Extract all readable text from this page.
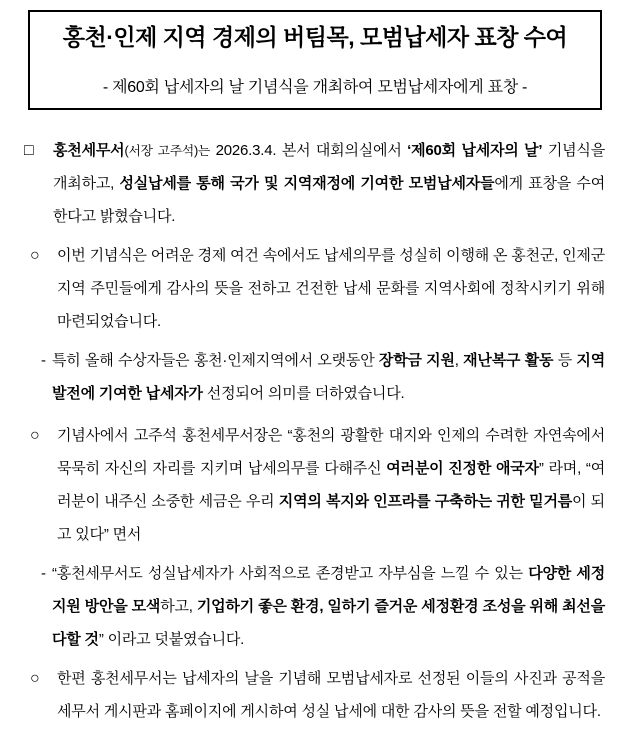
홍천·인제 지역 경제의 버팀목, 모범납세자 표창 수여
- 제60회 납세자의 날 기념식을 개최하여 모범납세자에게 표창 -
□ 홍천세무서(서장 고주석)는 2026.3.4. 본서 대회의실에서 ‘제60회 납세자의 날’ 기념식을 개최하고, 성실납세를 통해 국가 및 지역재정에 기여한 모범납세자들에게 표창을 수여한다고 밝혔습니다.
○ 이번 기념식은 어려운 경제 여건 속에서도 납세의무를 성실히 이행해 온 홍천군, 인제군 지역 주민들에게 감사의 뜻을 전하고 건전한 납세 문화를 지역사회에 정착시키기 위해 마련되었습니다.
- 특히 올해 수상자들은 홍천·인제지역에서 오랫동안 장학금 지원, 재난복구 활동 등 지역 발전에 기여한 납세자가 선정되어 의미를 더하였습니다.
○ 기념사에서 고주석 홍천세무서장은 “홍천의 광활한 대지와 인제의 수려한 자연속에서 묵묵히 자신의 자리를 지키며 납세의무를 다해주신 여러분이 진정한 애국자” 라며, “여러분이 내주신 소중한 세금은 우리 지역의 복지와 인프라를 구축하는 귀한 밑거름이 되고 있다” 면서
- “홍천세무서도 성실납세자가 사회적으로 존경받고 자부심을 느낄 수 있는 다양한 세정지원 방안을 모색하고, 기업하기 좋은 환경, 일하기 즐거운 세정환경 조성을 위해 최선을 다할 것” 이라고 덧붙였습니다.
○ 한편 홍천세무서는 납세자의 날을 기념해 모범납세자로 선정된 이들의 사진과 공적을 세무서 게시판과 홈페이지에 게시하여 성실 납세에 대한 감사의 뜻을 전할 예정입니다.
